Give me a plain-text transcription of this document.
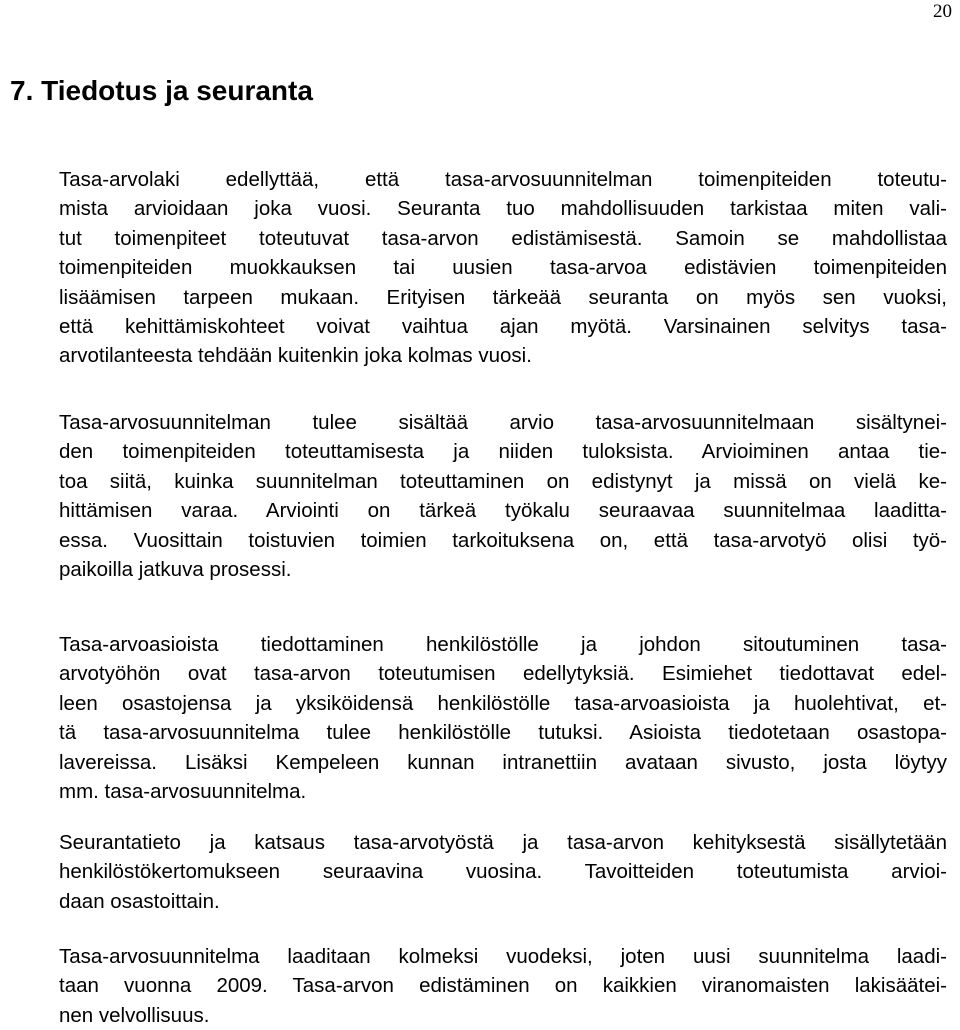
20
7. Tiedotus ja seuranta
Tasa-arvolaki edellyttää, että tasa-arvosuunnitelman toimenpiteiden toteutu-
mista arvioidaan joka vuosi. Seuranta tuo mahdollisuuden tarkistaa miten vali-
tut toimenpiteet toteutuvat tasa-arvon edistämisestä. Samoin se mahdollistaa
toimenpiteiden muokkauksen tai uusien tasa-arvoa edistävien toimenpiteiden
lisäämisen tarpeen mukaan. Erityisen tärkeää seuranta on myös sen vuoksi,
että kehittämiskohteet voivat vaihtua ajan myötä. Varsinainen selvitys tasa-
arvotilanteesta tehdään kuitenkin joka kolmas vuosi.
Tasa-arvosuunnitelman tulee sisältää arvio tasa-arvosuunnitelmaan sisältynei-
den toimenpiteiden toteuttamisesta ja niiden tuloksista. Arvioiminen antaa tie-
toa siitä, kuinka suunnitelman toteuttaminen on edistynyt ja missä on vielä ke-
hittämisen varaa. Arviointi on tärkeä työkalu seuraavaa suunnitelmaa laaditta-
essa. Vuosittain toistuvien toimien tarkoituksena on, että tasa-arvotyö olisi työ-
paikoilla jatkuva prosessi.
Tasa-arvoasioista tiedottaminen henkilöstölle ja johdon sitoutuminen tasa-
arvotyöhön ovat tasa-arvon toteutumisen edellytyksiä. Esimiehet tiedottavat edel-
leen osastojensa ja yksiköidensä henkilöstölle tasa-arvoasioista ja huolehtivat, et-
tä tasa-arvosuunnitelma tulee henkilöstölle tutuksi. Asioista tiedotetaan osastopa-
lavereissa. Lisäksi Kempeleen kunnan intranettiin avataan sivusto, josta löytyy
mm. tasa-arvosuunnitelma.
Seurantatieto ja katsaus tasa-arvotyöstä ja tasa-arvon kehityksestä sisällytetään
henkilöstökertomukseen seuraavina vuosina. Tavoitteiden toteutumista arvioi-
daan osastoittain.
Tasa-arvosuunnitelma laaditaan kolmeksi vuodeksi, joten uusi suunnitelma laadi-
taan vuonna 2009. Tasa-arvon edistäminen on kaikkien viranomaisten lakisäätei-
nen velvollisuus.
